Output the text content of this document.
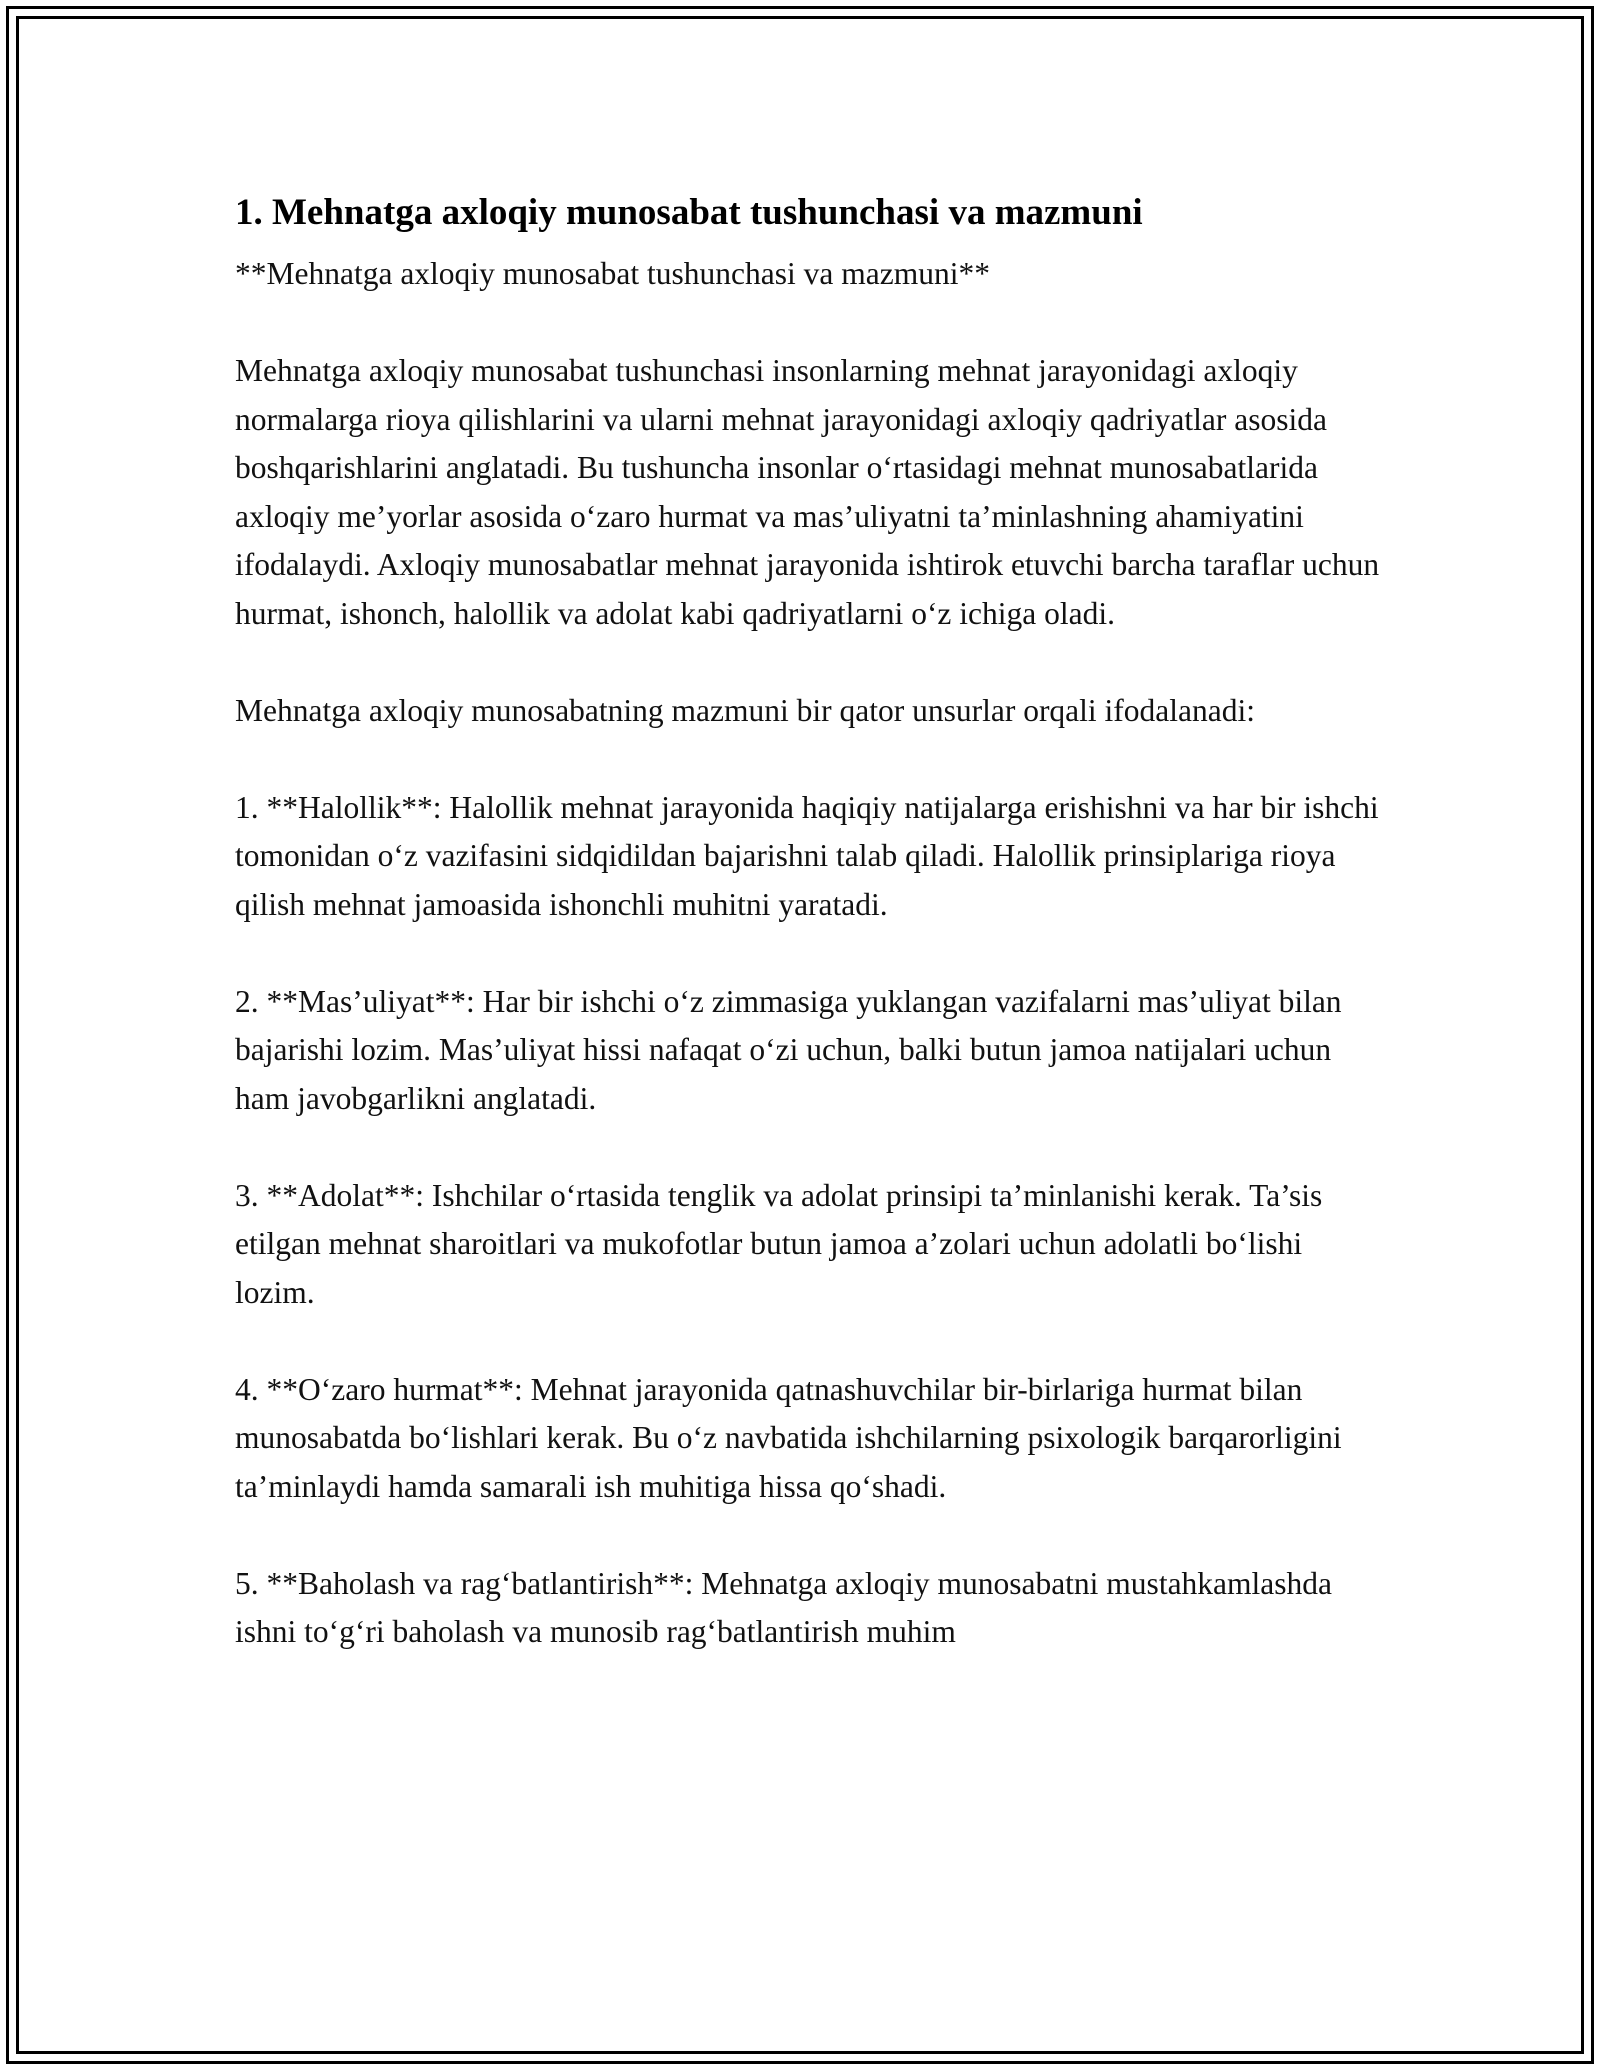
1. Mehnatga axloqiy munosabat tushunchasi va mazmuni

**Mehnatga axloqiy munosabat tushunchasi va mazmuni**

Mehnatga axloqiy munosabat tushunchasi insonlarning mehnat jarayonidagi axloqiy normalarga rioya qilishlarini va ularni mehnat jarayonidagi axloqiy qadriyatlar asosida boshqarishlarini anglatadi. Bu tushuncha insonlar o‘rtasidagi mehnat munosabatlarida axloqiy me’yorlar asosida o‘zaro hurmat va mas’uliyatni ta’minlashning ahamiyatini ifodalaydi. Axloqiy munosabatlar mehnat jarayonida ishtirok etuvchi barcha taraflar uchun hurmat, ishonch, halollik va adolat kabi qadriyatlarni o‘z ichiga oladi.

Mehnatga axloqiy munosabatning mazmuni bir qator unsurlar orqali ifodalanadi:

1. **Halollik**: Halollik mehnat jarayonida haqiqiy natijalarga erishishni va har bir ishchi tomonidan o‘z vazifasini sidqidildan bajarishni talab qiladi. Halollik prinsiplariga rioya qilish mehnat jamoasida ishonchli muhitni yaratadi.

2. **Mas’uliyat**: Har bir ishchi o‘z zimmasiga yuklangan vazifalarni mas’uliyat bilan bajarishi lozim. Mas’uliyat hissi nafaqat o‘zi uchun, balki butun jamoa natijalari uchun ham javobgarlikni anglatadi.

3. **Adolat**: Ishchilar o‘rtasida tenglik va adolat prinsipi ta’minlanishi kerak. Ta’sis etilgan mehnat sharoitlari va mukofotlar butun jamoa a’zolari uchun adolatli bo‘lishi lozim.

4. **O‘zaro hurmat**: Mehnat jarayonida qatnashuvchilar bir-birlariga hurmat bilan munosabatda bo‘lishlari kerak. Bu o‘z navbatida ishchilarning psixologik barqarorligini ta’minlaydi hamda samarali ish muhitiga hissa qo‘shadi.

5. **Baholash va rag‘batlantirish**: Mehnatga axloqiy munosabatni mustahkamlashda ishni to‘g‘ri baholash va munosib rag‘batlantirish muhim
